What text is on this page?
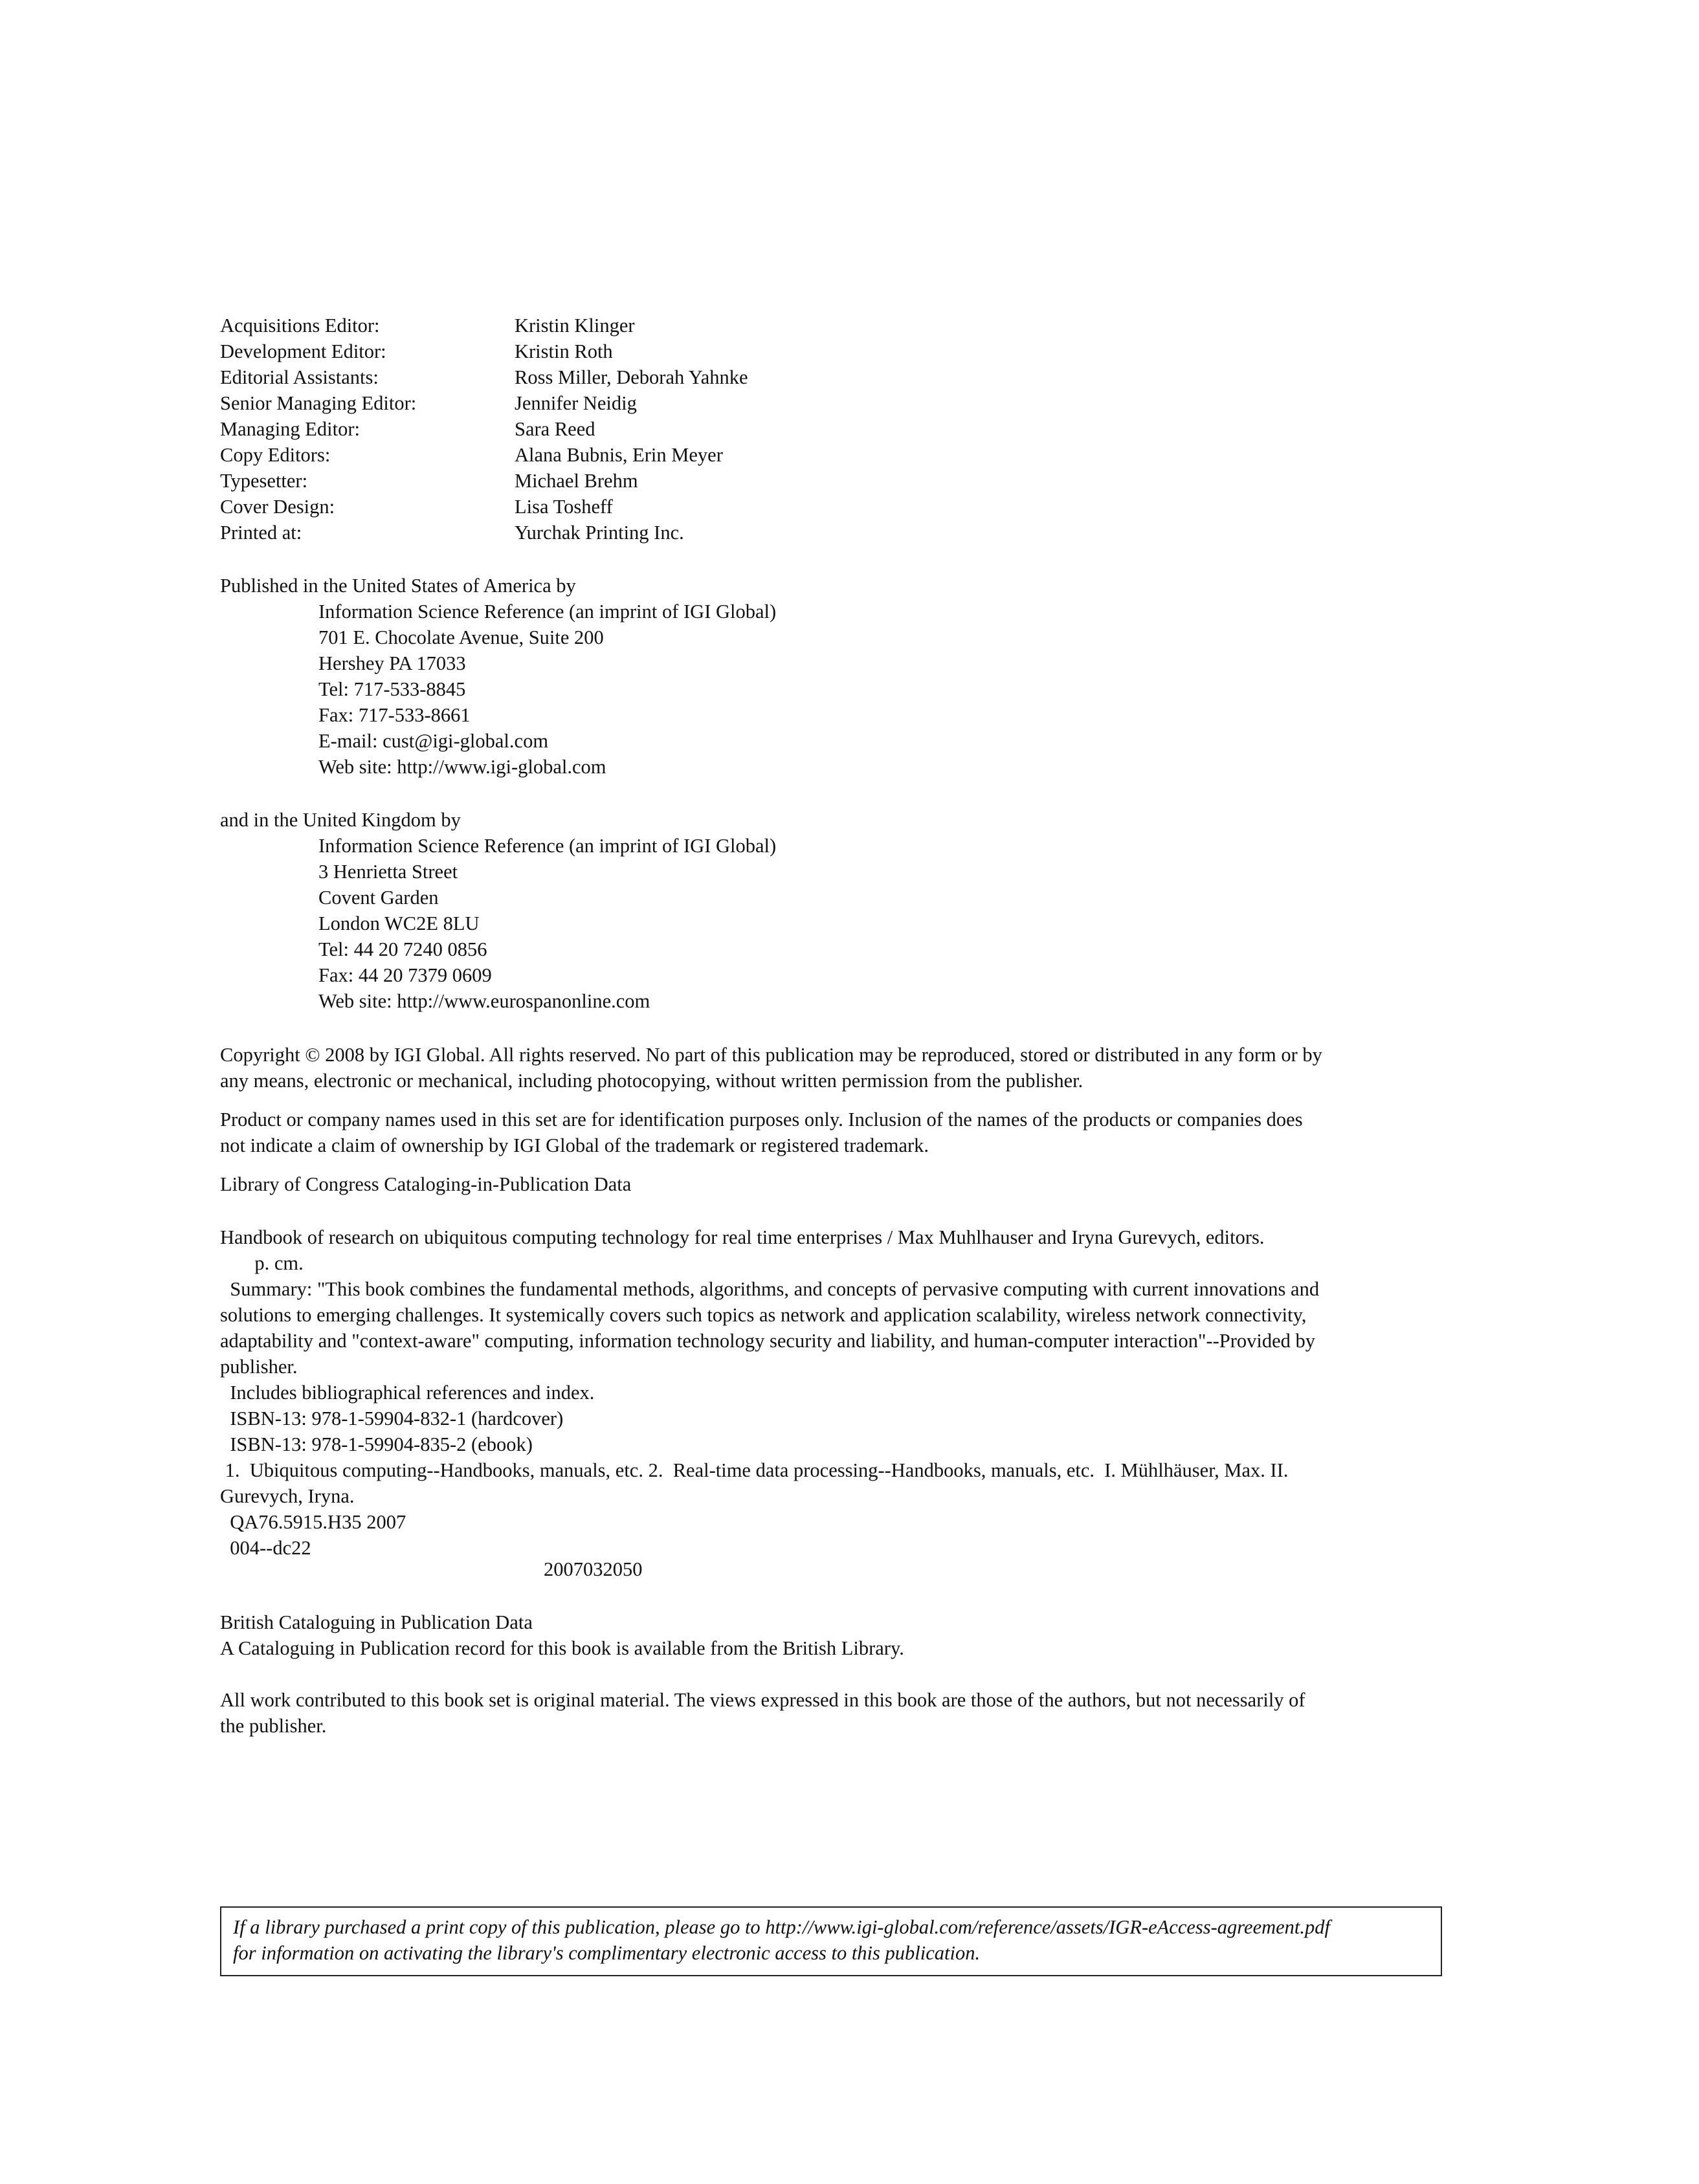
Acquisitions Editor:	Kristin Klinger
Development Editor:	Kristin Roth
Editorial Assistants:	Ross Miller, Deborah Yahnke
Senior Managing Editor:	Jennifer Neidig
Managing Editor:	Sara Reed
Copy Editors:	Alana Bubnis, Erin Meyer
Typesetter:	Michael Brehm
Cover Design:	Lisa Tosheff
Printed at:	Yurchak Printing Inc.
Published in the United States of America by
Information Science Reference (an imprint of IGI Global)
701 E. Chocolate Avenue, Suite 200
Hershey PA 17033
Tel: 717-533-8845
Fax: 717-533-8661
E-mail: cust@igi-global.com
Web site: http://www.igi-global.com
and in the United Kingdom by
Information Science Reference (an imprint of IGI Global)
3 Henrietta Street
Covent Garden
London WC2E 8LU
Tel: 44 20 7240 0856
Fax: 44 20 7379 0609
Web site: http://www.eurospanonline.com
Copyright © 2008 by IGI Global. All rights reserved. No part of this publication may be reproduced, stored or distributed in any form or by
any means, electronic or mechanical, including photocopying, without written permission from the publisher.
Product or company names used in this set are for identification purposes only. Inclusion of the names of the products or companies does
not indicate a claim of ownership by IGI Global of the trademark or registered trademark.
Library of Congress Cataloging-in-Publication Data
Handbook of research on ubiquitous computing technology for real time enterprises / Max Muhlhauser and Iryna Gurevych, editors.
p. cm.
Summary: "This book combines the fundamental methods, algorithms, and concepts of pervasive computing with current innovations and
solutions to emerging challenges. It systemically covers such topics as network and application scalability, wireless network connectivity,
adaptability and "context-aware" computing, information technology security and liability, and human-computer interaction"--Provided by
publisher.
Includes bibliographical references and index.
ISBN-13: 978-1-59904-832-1 (hardcover)
ISBN-13: 978-1-59904-835-2 (ebook)
1.  Ubiquitous computing--Handbooks, manuals, etc. 2.  Real-time data processing--Handbooks, manuals, etc.  I. Mühlhäuser, Max. II.
Gurevych, Iryna.
QA76.5915.H35 2007
004--dc22
2007032050
British Cataloguing in Publication Data
A Cataloguing in Publication record for this book is available from the British Library.
All work contributed to this book set is original material. The views expressed in this book are those of the authors, but not necessarily of
the publisher.
If a library purchased a print copy of this publication, please go to http://www.igi-global.com/reference/assets/IGR-eAccess-agreement.pdf
for information on activating the library's complimentary electronic access to this publication.
